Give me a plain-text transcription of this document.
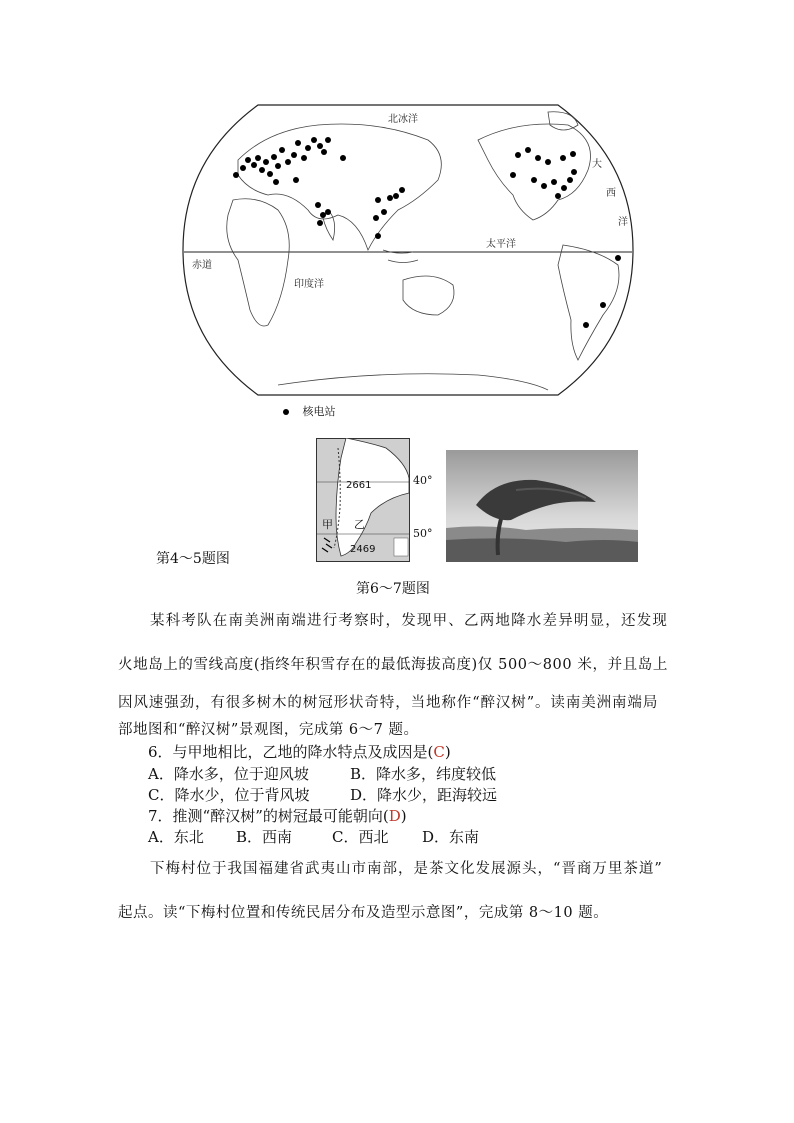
北冰洋
太平洋
赤道
印度洋
大
西
洋
核电站
2661
2469
甲 乙
40°
50°
第4～5题图
第6～7题图
某科考队在南美洲南端进行考察时，发现甲、乙两地降水差异明显，还发现
火地岛上的雪线高度(指终年积雪存在的最低海拔高度)仅 500～800 米，并且岛上
因风速强劲，有很多树木的树冠形状奇特，当地称作“醉汉树”。读南美洲南端局
部地图和“醉汉树”景观图，完成第 6～7 题。
6．与甲地相比，乙地的降水特点及成因是(C)
A．降水多，位于迎风坡	B．降水多，纬度较低
C．降水少，位于背风坡	D．降水少，距海较远
7．推测“醉汉树”的树冠最可能朝向(D)
A．东北 B．西南	C．西北 D．东南
下梅村位于我国福建省武夷山市南部，是茶文化发展源头，“晋商万里茶道”
起点。读“下梅村位置和传统民居分布及造型示意图”，完成第 8～10 题。
